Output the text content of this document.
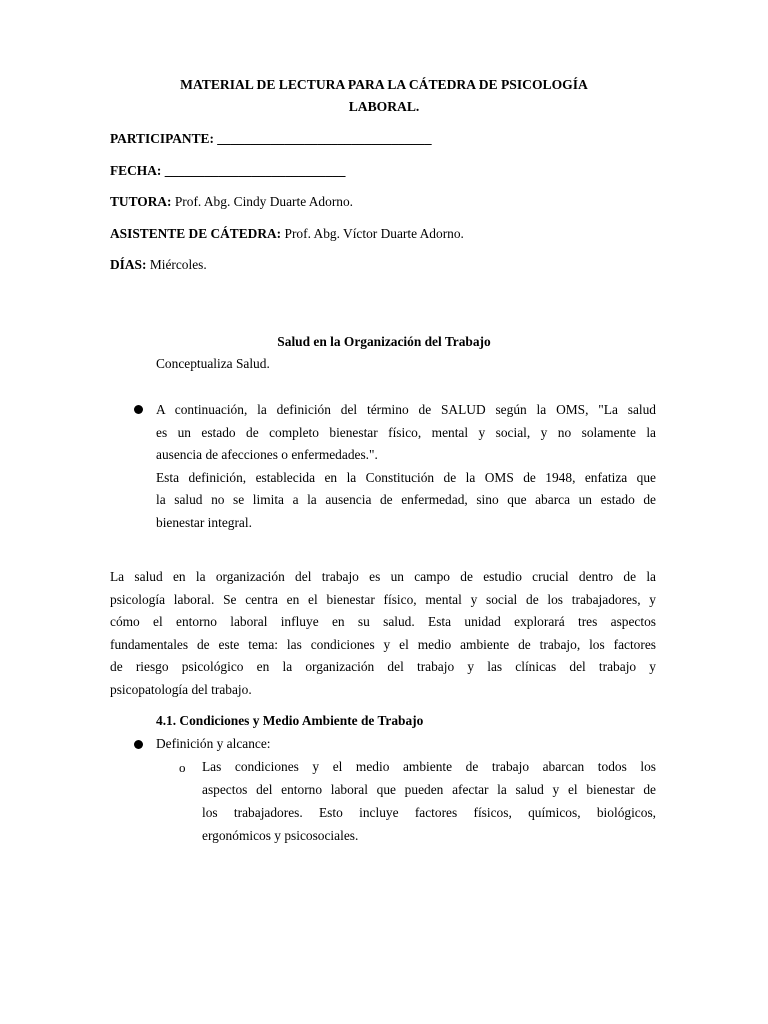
MATERIAL DE LECTURA PARA LA CÁTEDRA DE PSICOLOGÍA
LABORAL.
PARTICIPANTE: ________________________________
FECHA: ___________________________
TUTORA: Prof. Abg. Cindy Duarte Adorno.
ASISTENTE DE CÁTEDRA: Prof. Abg. Víctor Duarte Adorno.
DÍAS: Miércoles.
Salud en la Organización del Trabajo
Conceptualiza Salud.
A continuación, la definición del término de SALUD según la OMS, "La salud
es un estado de completo bienestar físico, mental y social, y no solamente la
ausencia de afecciones o enfermedades.".
Esta definición, establecida en la Constitución de la OMS de 1948, enfatiza que
la salud no se limita a la ausencia de enfermedad, sino que abarca un estado de
bienestar integral.
La salud en la organización del trabajo es un campo de estudio crucial dentro de la
psicología laboral. Se centra en el bienestar físico, mental y social de los trabajadores, y
cómo el entorno laboral influye en su salud. Esta unidad explorará tres aspectos
fundamentales de este tema: las condiciones y el medio ambiente de trabajo, los factores
de riesgo psicológico en la organización del trabajo y las clínicas del trabajo y
psicopatología del trabajo.
4.1. Condiciones y Medio Ambiente de Trabajo
Definición y alcance:
o Las condiciones y el medio ambiente de trabajo abarcan todos los
aspectos del entorno laboral que pueden afectar la salud y el bienestar de
los trabajadores. Esto incluye factores físicos, químicos, biológicos,
ergonómicos y psicosociales.
